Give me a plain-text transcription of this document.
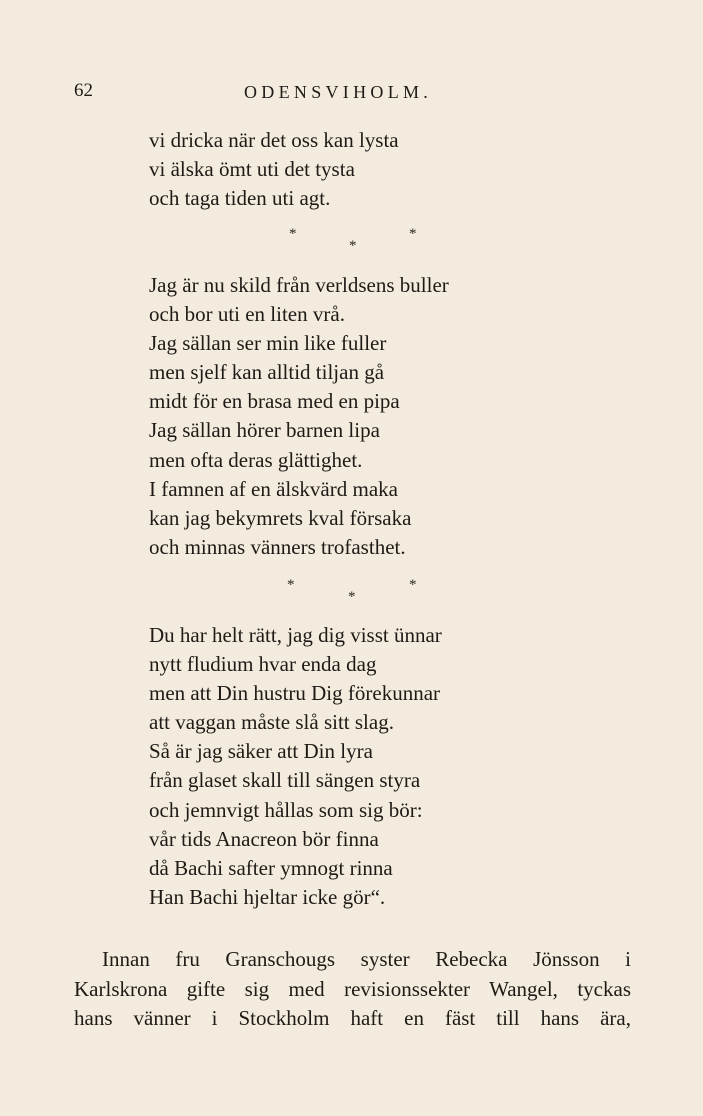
62	ODENSVIHOLM.
vi dricka när det oss kan lysta
vi älska ömt uti det tysta
och taga tiden uti agt.
*
*
*
Jag är nu skild från verldsens buller
och bor uti en liten vrå.
Jag sällan ser min like fuller
men sjelf kan alltid tiljan gå
midt för en brasa med en pipa
Jag sällan hörer barnen lipa
men ofta deras glättighet.
I famnen af en älskvärd maka
kan jag bekymrets kval försaka
och minnas vänners trofasthet.
*
*
*
Du har helt rätt, jag dig visst ünnar
nytt fludium hvar enda dag
men att Din hustru Dig förekunnar
att vaggan måste slå sitt slag.
Så är jag säker att Din lyra
från glaset skall till sängen styra
och jemnvigt hållas som sig bör:
vår tids Anacreon bör finna
då Bachi safter ymnogt rinna
Han Bachi hjeltar icke gör“.
Innan fru Granschougs syster Rebecka Jönsson i
Karlskrona gifte sig med revisionssekter Wangel, tyckas
hans vänner i Stockholm haft en fäst till hans ära,
